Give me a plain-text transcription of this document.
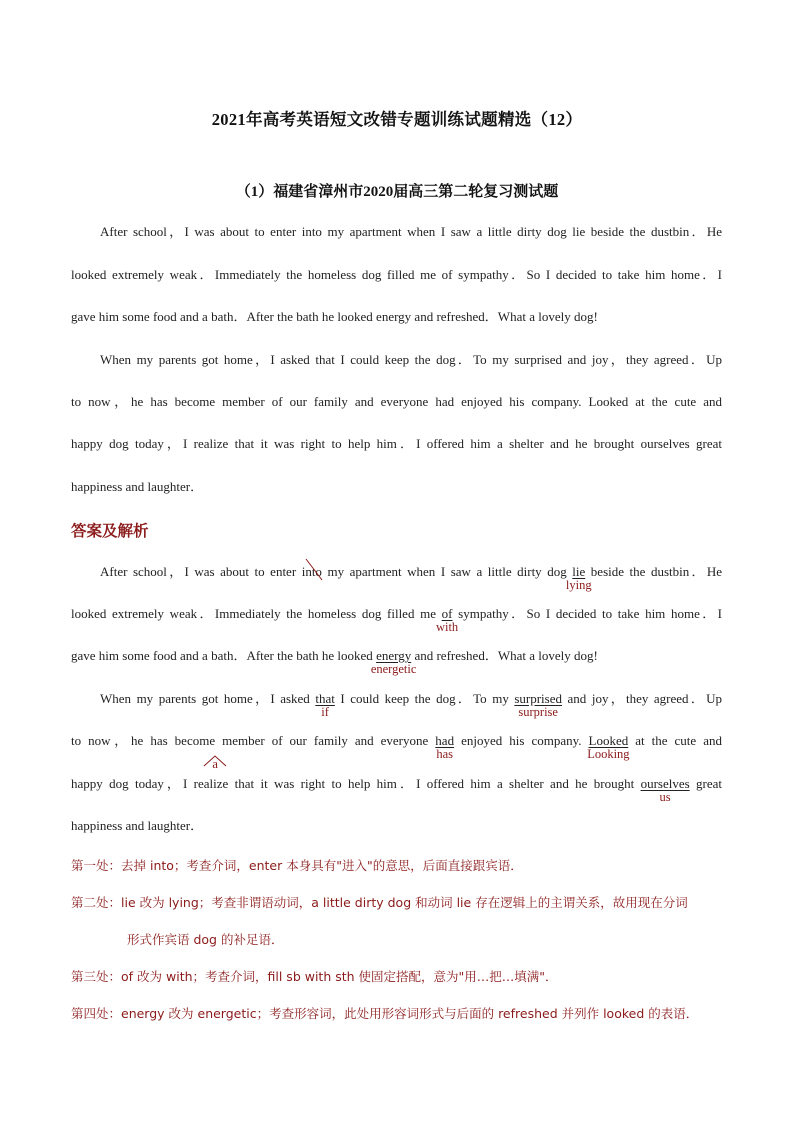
2021年高考英语短文改错专题训练试题精选（12）
（1）福建省漳州市2020届高三第二轮复习测试题
After school，I was about to enter into my apartment when I saw a little dirty dog lie beside the dustbin．He
looked extremely weak．Immediately the homeless dog filled me of sympathy．So I decided to take him home．I
gave him some food and a bath．After the bath he looked energy and refreshed．What a lovely dog!
When my parents got home，I asked that I could keep the dog．To my surprised and joy，they agreed．Up
to now，he has become member of our family and everyone had enjoyed his company. Looked at the cute and
happy dog today，I realize that it was right to help him．I offered him a shelter and he brought ourselves great
happiness and laughter．
答案及解析
After school，I was about to enter into
my apartment when I saw a little dirty dog lie
lying
beside the dustbin．He
looked extremely weak．Immediately the homeless dog filled me of
with
sympathy．So I decided to take him home．I
gave him some food and a bath．After the bath he looked energy
energetic
and refreshed．What a lovely dog!
When my parents got home，I asked that
if
I could keep the dog．To my surprised
surprise
and joy，they agreed．Up
to now，he has become
a
member of our family and everyone had
has
enjoyed his company. Looked
Looking
at the cute and
happy dog today，I realize that it was right to help him．I offered him a shelter and he brought ourselves
us
great
happiness and laughter．
第一处：去掉 into；考查介词，enter 本身具有"进入"的意思，后面直接跟宾语．
第二处：lie 改为 lying；考查非谓语动词，a little dirty dog 和动词 lie 存在逻辑上的主谓关系，故用现在分词
形式作宾语 dog 的补足语．
第三处：of 改为 with；考查介词，fill sb with sth 使固定搭配，意为"用…把…填满"．
第四处：energy 改为 energetic；考查形容词，此处用形容词形式与后面的 refreshed 并列作 looked 的表语．
